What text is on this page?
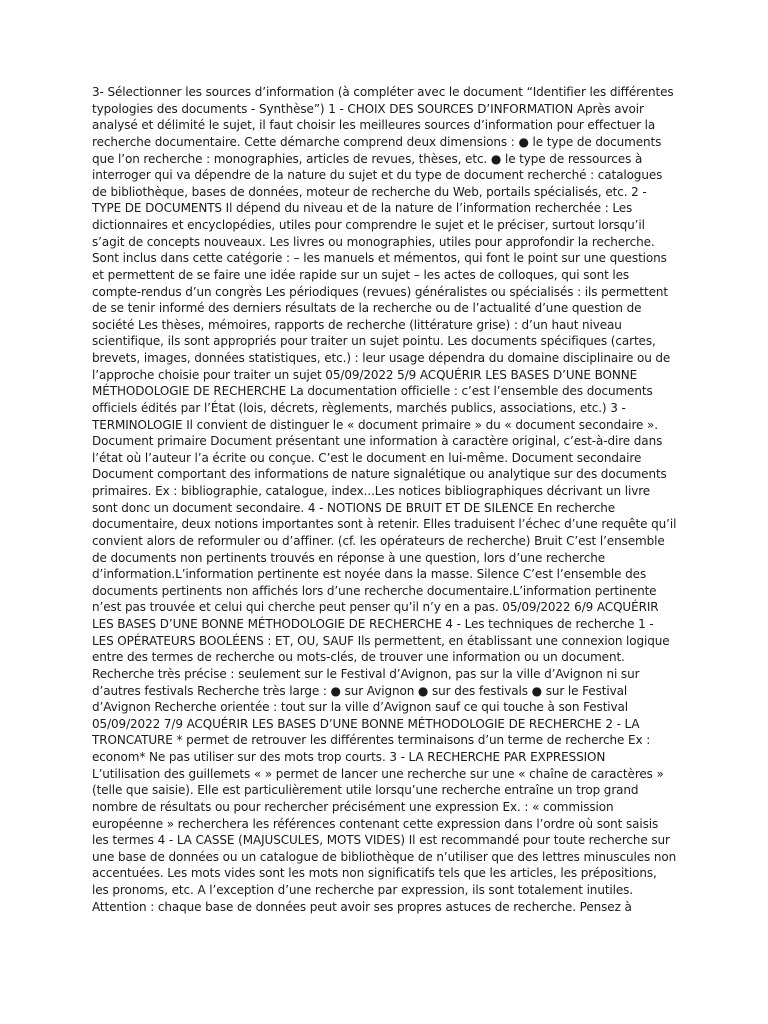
3- Sélectionner les sources d’information (à compléter avec le document “Identifier les différentes typologies des documents - Synthèse”) 1 - CHOIX DES SOURCES D’INFORMATION Après avoir analysé et délimité le sujet, il faut choisir les meilleures sources d’information pour effectuer la recherche documentaire. Cette démarche comprend deux dimensions : ● le type de documents que l’on recherche : monographies, articles de revues, thèses, etc. ● le type de ressources à interroger qui va dépendre de la nature du sujet et du type de document recherché : catalogues de bibliothèque, bases de données, moteur de recherche du Web, portails spécialisés, etc. 2 - TYPE DE DOCUMENTS Il dépend du niveau et de la nature de l’information recherchée : Les dictionnaires et encyclopédies, utiles pour comprendre le sujet et le préciser, surtout lorsqu’il s’agit de concepts nouveaux. Les livres ou monographies, utiles pour approfondir la recherche. Sont inclus dans cette catégorie : – les manuels et mémentos, qui font le point sur une questions et permettent de se faire une idée rapide sur un sujet – les actes de colloques, qui sont les compte-rendus d’un congrès Les périodiques (revues) généralistes ou spécialisés : ils permettent de se tenir informé des derniers résultats de la recherche ou de l’actualité d’une question de société Les thèses, mémoires, rapports de recherche (littérature grise) : d’un haut niveau scientifique, ils sont appropriés pour traiter un sujet pointu. Les documents spécifiques (cartes, brevets, images, données statistiques, etc.) : leur usage dépendra du domaine disciplinaire ou de l’approche choisie pour traiter un sujet 05/09/2022 5/9 ACQUÉRIR LES BASES D’UNE BONNE MÉTHODOLOGIE DE RECHERCHE La documentation officielle : c’est l’ensemble des documents officiels édités par l’État (lois, décrets, règlements, marchés publics, associations, etc.) 3 - TERMINOLOGIE Il convient de distinguer le « document primaire » du « document secondaire ». Document primaire Document présentant une information à caractère original, c’est-à-dire dans l’état où l’auteur l’a écrite ou conçue. C’est le document en lui-même. Document secondaire Document comportant des informations de nature signalétique ou analytique sur des documents primaires. Ex : bibliographie, catalogue, index...Les notices bibliographiques décrivant un livre sont donc un document secondaire. 4 - NOTIONS DE BRUIT ET DE SILENCE En recherche documentaire, deux notions importantes sont à retenir. Elles traduisent l’échec d’une requête qu’il convient alors de reformuler ou d’affiner. (cf. les opérateurs de recherche) Bruit C’est l’ensemble de documents non pertinents trouvés en réponse à une question, lors d’une recherche d’information.L’information pertinente est noyée dans la masse. Silence C’est l’ensemble des documents pertinents non affichés lors d’une recherche documentaire.L’information pertinente n’est pas trouvée et celui qui cherche peut penser qu’il n’y en a pas. 05/09/2022 6/9 ACQUÉRIR LES BASES D’UNE BONNE MÉTHODOLOGIE DE RECHERCHE 4 - Les techniques de recherche 1 - LES OPÉRATEURS BOOLÉENS : ET, OU, SAUF Ils permettent, en établissant une connexion logique entre des termes de recherche ou mots-clés, de trouver une information ou un document. Recherche très précise : seulement sur le Festival d’Avignon, pas sur la ville d’Avignon ni sur d’autres festivals Recherche très large : ● sur Avignon ● sur des festivals ● sur le Festival d’Avignon Recherche orientée : tout sur la ville d’Avignon sauf ce qui touche à son Festival 05/09/2022 7/9 ACQUÉRIR LES BASES D’UNE BONNE MÉTHODOLOGIE DE RECHERCHE 2 - LA TRONCATURE * permet de retrouver les différentes terminaisons d’un terme de recherche Ex : econom* Ne pas utiliser sur des mots trop courts. 3 - LA RECHERCHE PAR EXPRESSION L’utilisation des guillemets « » permet de lancer une recherche sur une « chaîne de caractères » (telle que saisie). Elle est particulièrement utile lorsqu’une recherche entraîne un trop grand nombre de résultats ou pour rechercher précisément une expression Ex. : « commission européenne » recherchera les références contenant cette expression dans l’ordre où sont saisis les termes 4 - LA CASSE (MAJUSCULES, MOTS VIDES) Il est recommandé pour toute recherche sur une base de données ou un catalogue de bibliothèque de n’utiliser que des lettres minuscules non accentuées. Les mots vides sont les mots non significatifs tels que les articles, les prépositions, les pronoms, etc. A l’exception d’une recherche par expression, ils sont totalement inutiles. Attention : chaque base de données peut avoir ses propres astuces de recherche. Pensez à
